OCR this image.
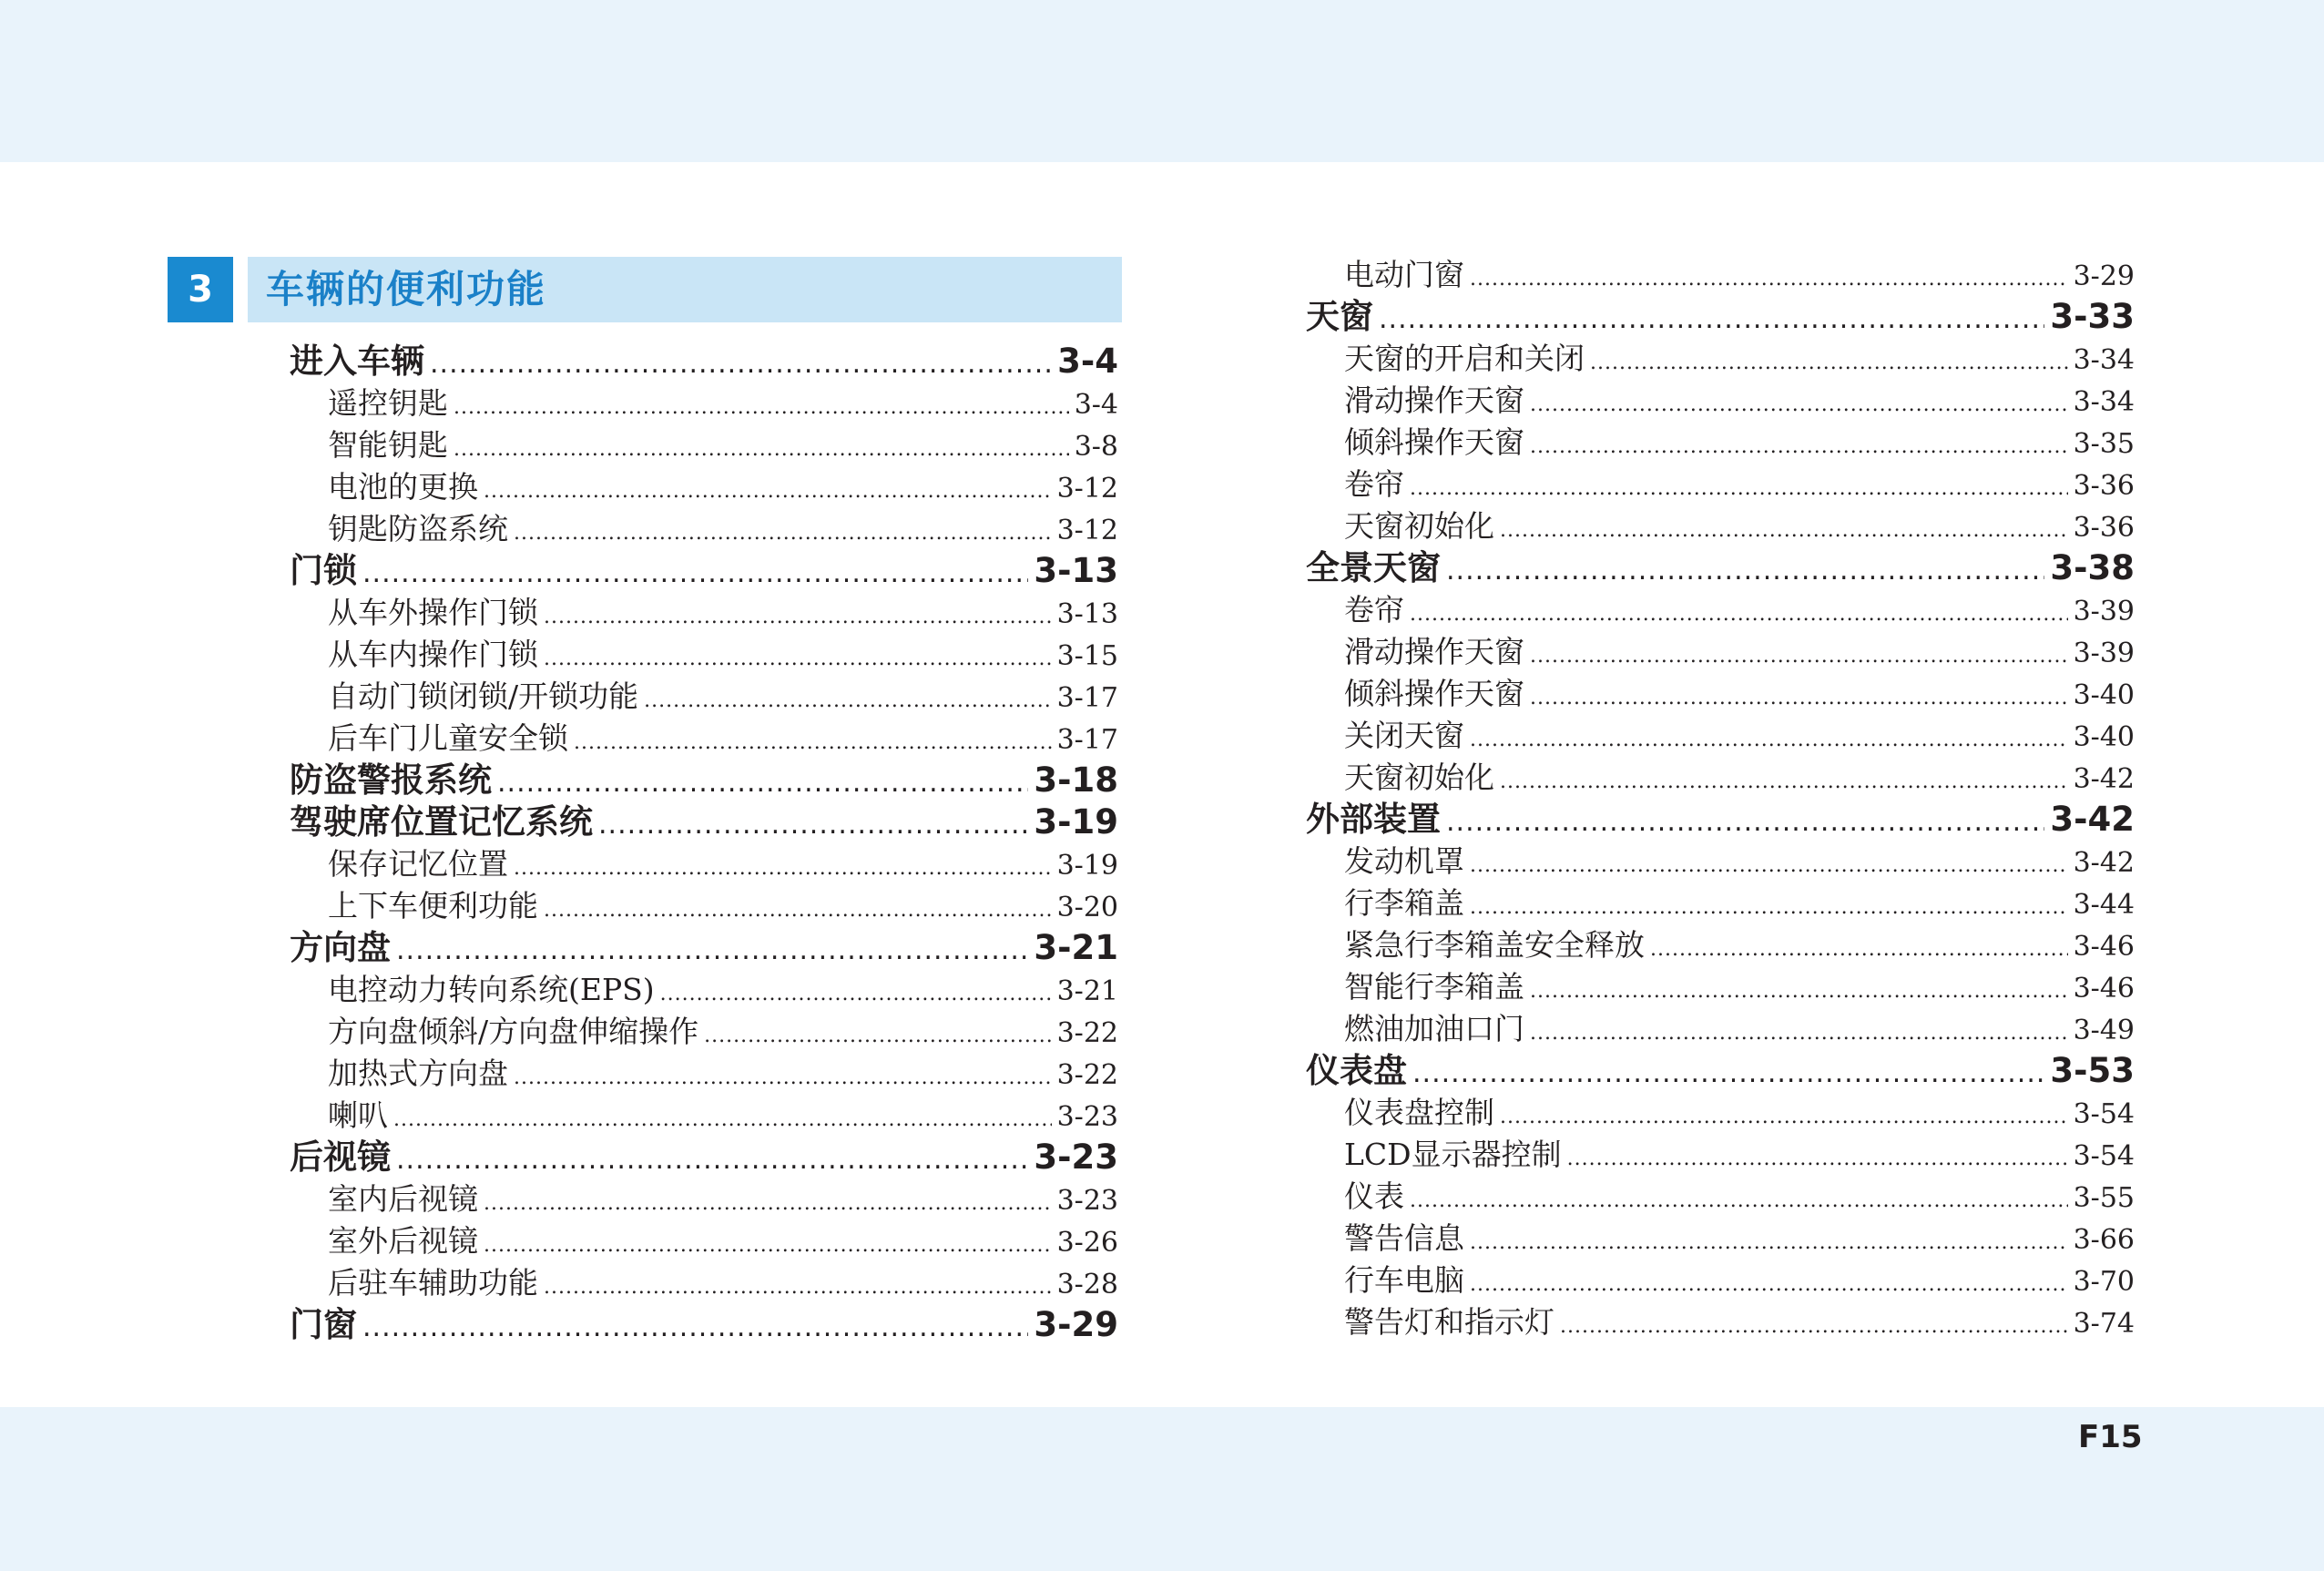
3	车辆的便利功能
进入车辆 .....	3-4
遥控钥匙 .....	3-4
智能钥匙 .....	3-8
电池的更换 .....	3-12
钥匙防盗系统 .....	3-12
门锁 .....	3-13
从车外操作门锁 .....	3-13
从车内操作门锁 .....	3-15
自动门锁闭锁/开锁功能 .....	3-17
后车门儿童安全锁 .....	3-17
防盗警报系统 .....	3-18
驾驶席位置记忆系统 .....	3-19
保存记忆位置 .....	3-19
上下车便利功能 .....	3-20
方向盘 .....	3-21
电控动力转向系统(EPS) .....	3-21
方向盘倾斜/方向盘伸缩操作 .....	3-22
加热式方向盘 .....	3-22
喇叭 .....	3-23
后视镜 .....	3-23
室内后视镜 .....	3-23
室外后视镜 .....	3-26
后驻车辅助功能 .....	3-28
门窗 .....	3-29
电动门窗 .....	3-29
天窗 .....	3-33
天窗的开启和关闭 .....	3-34
滑动操作天窗 .....	3-34
倾斜操作天窗 .....	3-35
卷帘 .....	3-36
天窗初始化 .....	3-36
全景天窗 .....	3-38
卷帘 .....	3-39
滑动操作天窗 .....	3-39
倾斜操作天窗 .....	3-40
关闭天窗 .....	3-40
天窗初始化 .....	3-42
外部装置 .....	3-42
发动机罩 .....	3-42
行李箱盖 .....	3-44
紧急行李箱盖安全释放 .....	3-46
智能行李箱盖 .....	3-46
燃油加油口门 .....	3-49
仪表盘 .....	3-53
仪表盘控制 .....	3-54
LCD显示器控制 .....	3-54
仪表 .....	3-55
警告信息 .....	3-66
行车电脑 .....	3-70
警告灯和指示灯 .....	3-74
F15
